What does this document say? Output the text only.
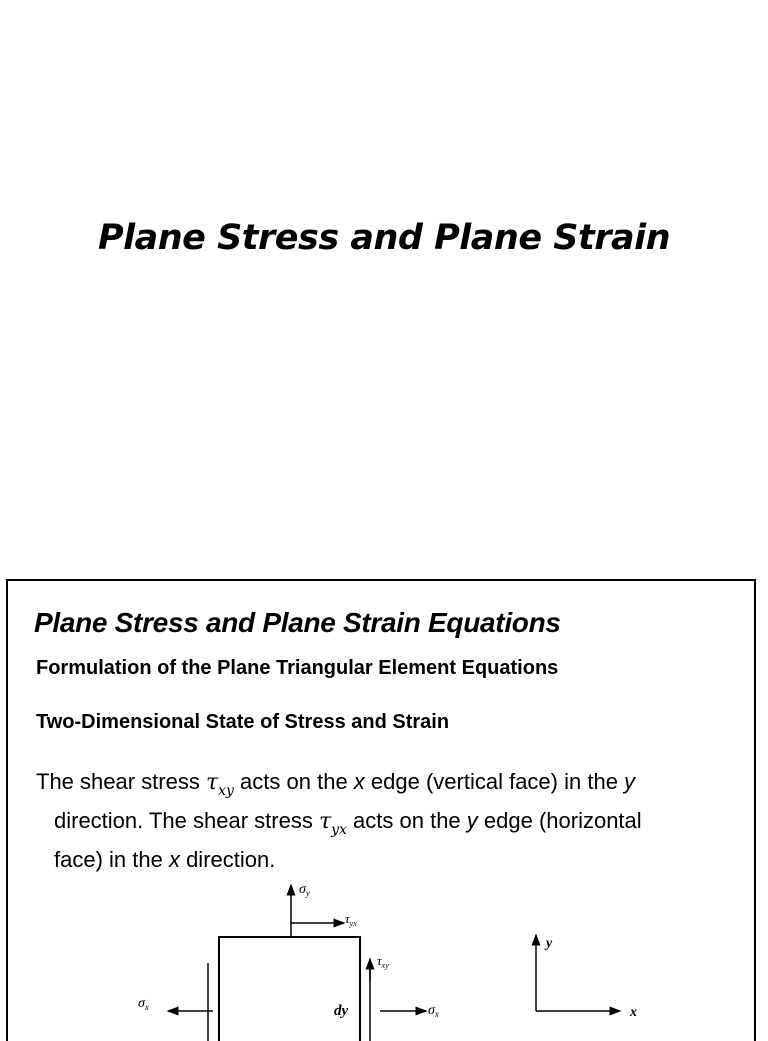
Plane Stress and Plane Strain
Plane Stress and Plane Strain Equations
Formulation of the Plane Triangular Element Equations
Two-Dimensional State of Stress and Strain
The shear stress $\tau_{xy}$ acts on the x edge (vertical face) in the y
direction. The shear stress $\tau_{yx}$ acts on the y edge (horizontal
face) in the x direction.
$\sigma_y$
$\tau_{yx}$
$\tau_{xy}$
$\sigma_x$	$\sigma_x$
dy
y
x
